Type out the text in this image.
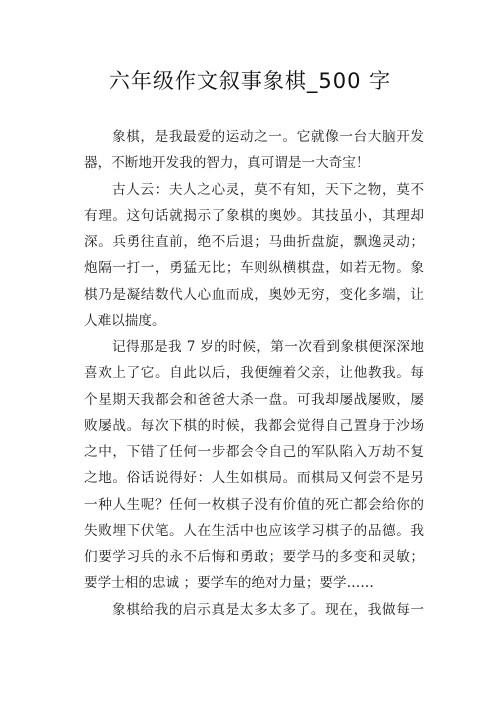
六年级作文叙事象棋_500 字
象棋，是我最爱的运动之一。它就像一台大脑开发
器，不断地开发我的智力，真可谓是一大奇宝！
古人云：夫人之心灵，莫不有知，天下之物，莫不
有理。这句话就揭示了象棋的奥妙。其技虽小，其理却
深。兵勇往直前，绝不后退；马曲折盘旋，飘逸灵动；
炮隔一打一，勇猛无比；车则纵横棋盘，如若无物。象
棋乃是凝结数代人心血而成，奥妙无穷，变化多端，让
人难以揣度。
记得那是我 7 岁的时候，第一次看到象棋便深深地
喜欢上了它。自此以后，我便缠着父亲，让他教我。每
个星期天我都会和爸爸大杀一盘。可我却屡战屡败，屡
败屡战。每次下棋的时候，我都会觉得自己置身于沙场
之中，下错了任何一步都会令自己的军队陷入万劫不复
之地。俗话说得好：人生如棋局。而棋局又何尝不是另
一种人生呢？任何一枚棋子没有价值的死亡都会给你的
失败埋下伏笔。人在生活中也应该学习棋子的品德。我
们要学习兵的永不后悔和勇敢；要学马的多变和灵敏；
要学士相的忠诚 ；要学车的绝对力量；要学……
象棋给我的启示真是太多太多了。现在，我做每一
